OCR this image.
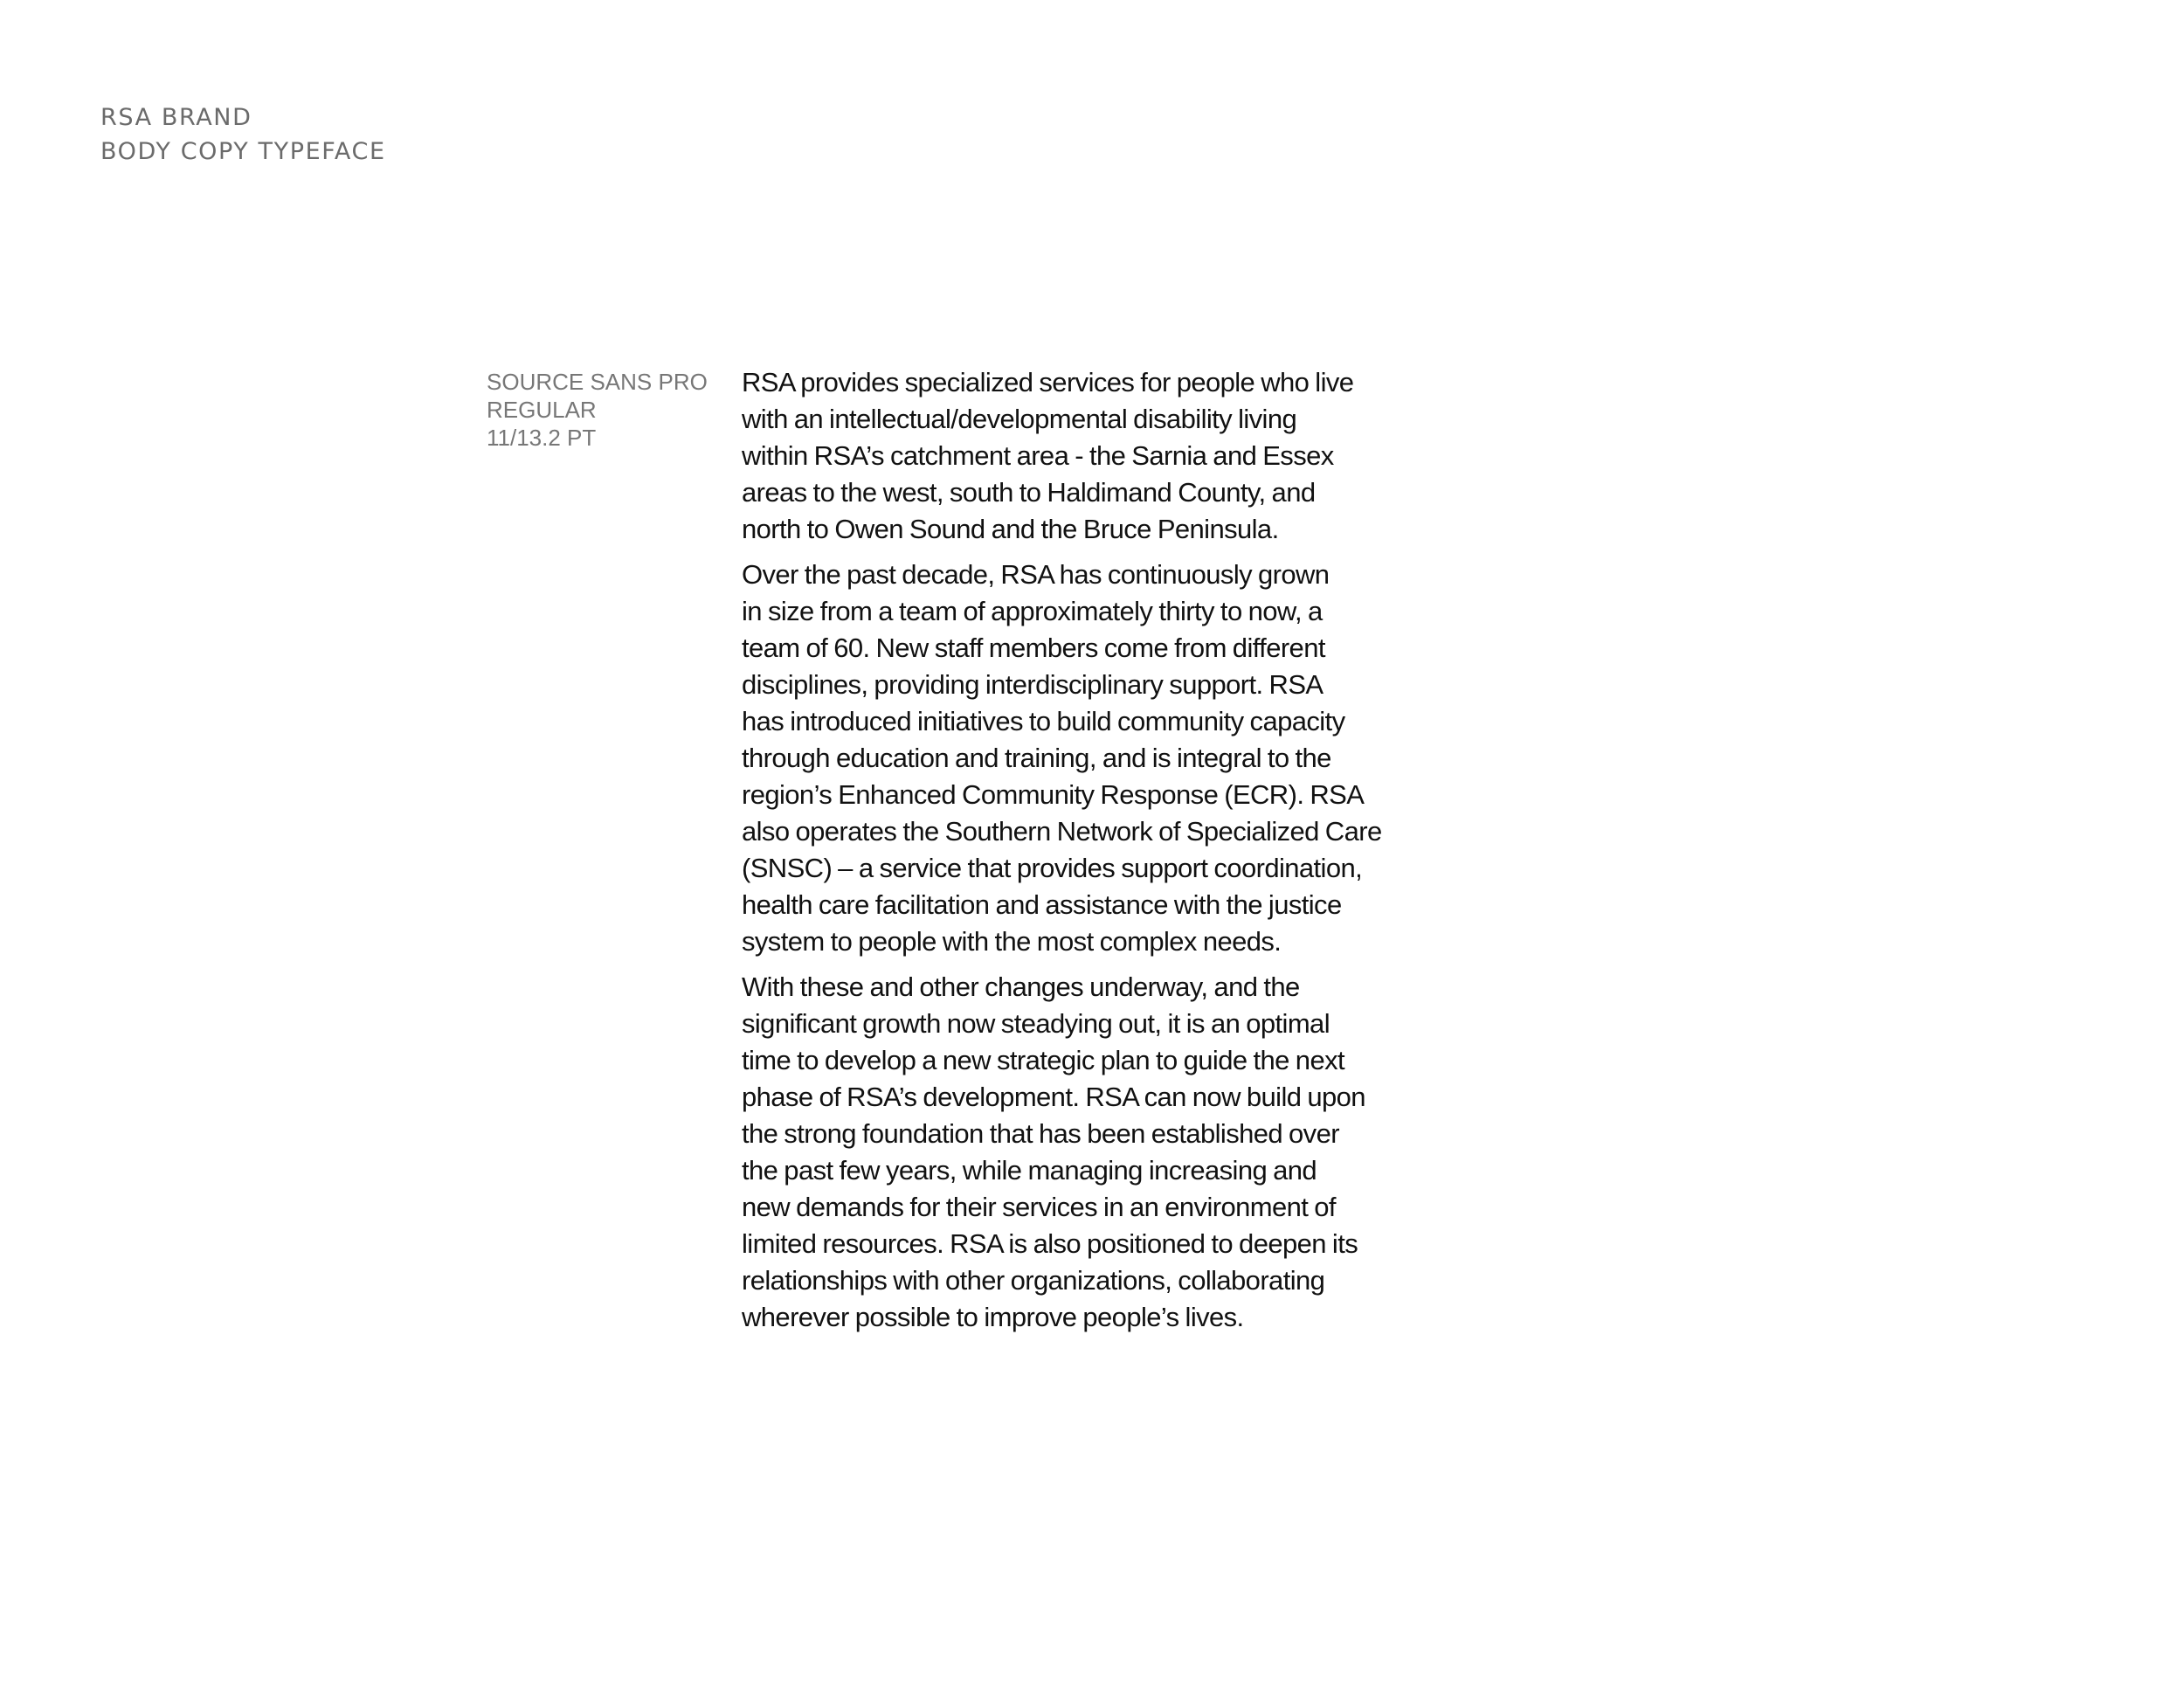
RSA BRAND
BODY COPY TYPEFACE
SOURCE SANS PRO
REGULAR
11/13.2 PT

RSA provides specialized services for people who live
with an intellectual/developmental disability living
within RSA’s catchment area - the Sarnia and Essex
areas to the west, south to Haldimand County, and
north to Owen Sound and the Bruce Peninsula.

Over the past decade, RSA has continuously grown
in size from a team of approximately thirty to now, a
team of 60. New staff members come from different
disciplines, providing interdisciplinary support. RSA
has introduced initiatives to build community capacity
through education and training, and is integral to the
region’s Enhanced Community Response (ECR). RSA
also operates the Southern Network of Specialized Care
(SNSC) – a service that provides support coordination,
health care facilitation and assistance with the justice
system to people with the most complex needs.

With these and other changes underway, and the
significant growth now steadying out, it is an optimal
time to develop a new strategic plan to guide the next
phase of RSA’s development. RSA can now build upon
the strong foundation that has been established over
the past few years, while managing increasing and
new demands for their services in an environment of
limited resources. RSA is also positioned to deepen its
relationships with other organizations, collaborating
wherever possible to improve people’s lives.
